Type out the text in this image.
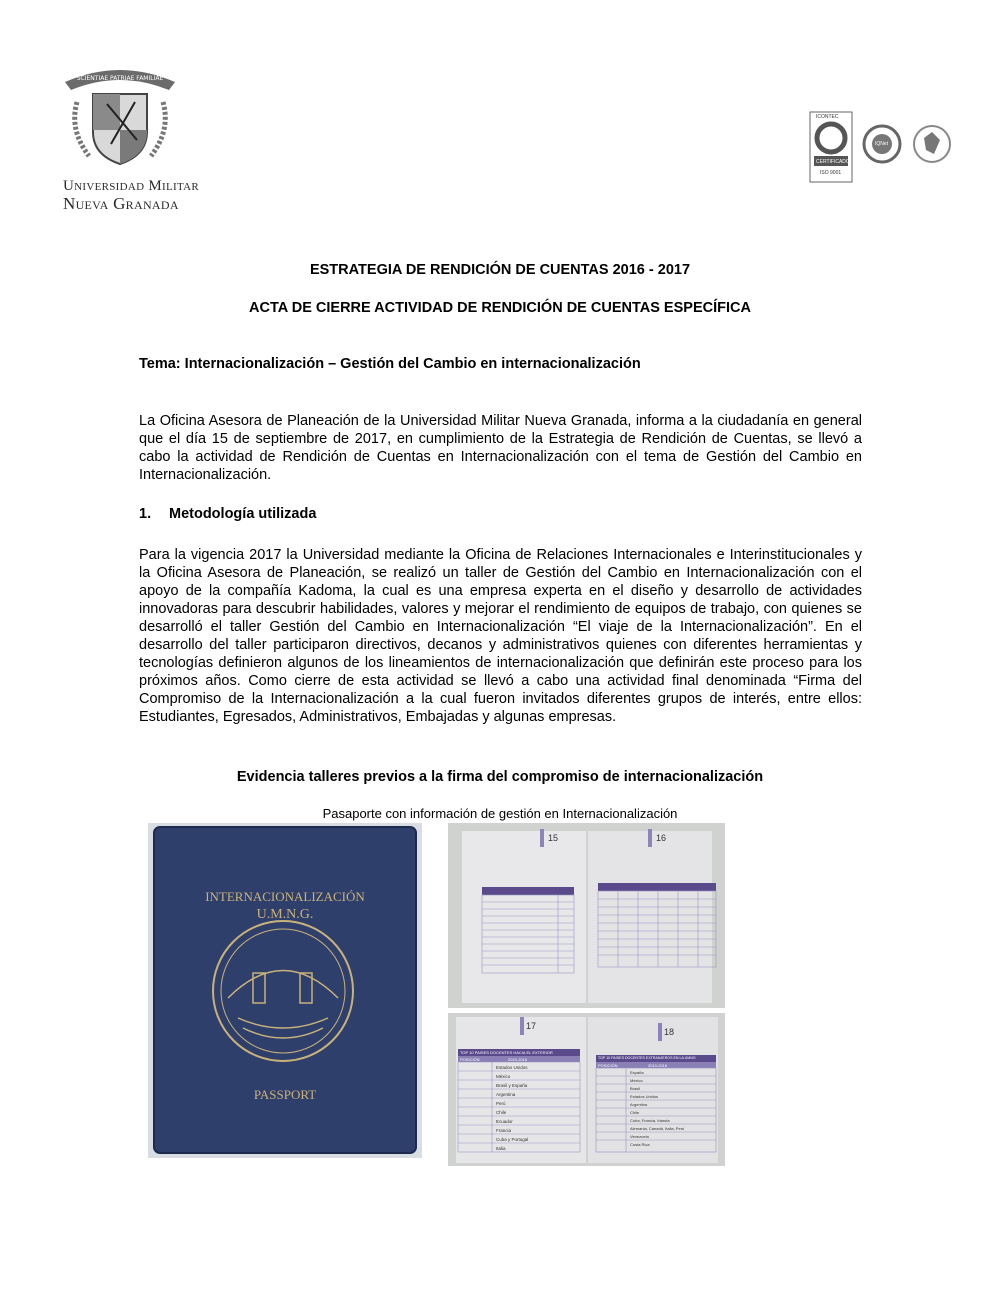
SCIENTIAE PATRIAE FAMILIAE
Universidad Militar
Nueva Granada
ICONTEC
CERTIFICADO
ISO 9001
IQNet
ESTRATEGIA DE RENDICIÓN DE CUENTAS 2016 - 2017
ACTA DE CIERRE ACTIVIDAD DE RENDICIÓN DE CUENTAS ESPECÍFICA
Tema: Internacionalización – Gestión del Cambio en internacionalización
La Oficina Asesora de Planeación de la Universidad Militar Nueva Granada, informa a la ciudadanía en general que el día 15 de septiembre de 2017, en cumplimiento de la Estrategia de Rendición de Cuentas, se llevó a cabo la actividad de Rendición de Cuentas en Internacionalización con el tema de Gestión del Cambio en Internacionalización.
1. Metodología utilizada
Para la vigencia 2017 la Universidad mediante la Oficina de Relaciones Internacionales e Interinstitucionales y la Oficina Asesora de Planeación, se realizó un taller de Gestión del Cambio en Internacionalización con el apoyo de la compañía Kadoma, la cual es una empresa experta en el diseño y desarrollo de actividades innovadoras para descubrir habilidades, valores y mejorar el rendimiento de equipos de trabajo, con quienes se desarrolló el taller Gestión del Cambio en Internacionalización “El viaje de la Internacionalización”. En el desarrollo del taller participaron directivos, decanos y administrativos quienes con diferentes herramientas y tecnologías definieron algunos de los lineamientos de internacionalización que definirán este proceso para los próximos años. Como cierre de esta actividad se llevó a cabo una actividad final denominada “Firma del Compromiso de la Internacionalización a la cual fueron invitados diferentes grupos de interés, entre ellos: Estudiantes, Egresados, Administrativos, Embajadas y algunas empresas.
Evidencia talleres previos a la firma del compromiso de internacionalización
Pasaporte con información de gestión en Internacionalización
INTERNACIONALIZACIÓN
U.M.N.G.
PASSPORT
15	16
17
18
TOP 10 PAISES DOCENTES HACIA EL EXTERIOR
POSICIÓN	2010-2016
Estados Unidos
México
Brasil y España
Argentina
Perú
Chile
Ecuador
Francia
Cuba y Portugal
Italia
TOP 10 PAISES DOCENTES EXTRANJEROS EN LA UMNG
POSICIÓN	2010-2016
España
México
Brasil
Estados Unidos
Argentina
Chile
Cuba, Francia, Irlanda
Alemania, Canadá, Italia, Perú
Venezuela
Costa Rica
